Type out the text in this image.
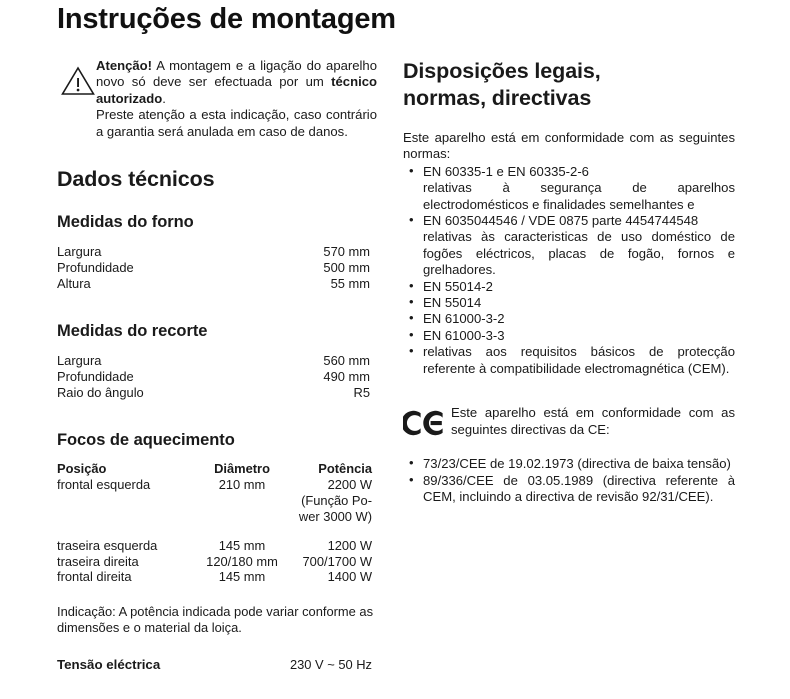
Instruções de montagem
Atenção! A montagem e a ligação do aparelho novo só deve ser efectuada por um técnico autorizado.
Preste atenção a esta indicação, caso contrário a garantia será anulada em caso de danos.
Dados técnicos
Medidas do forno
Largura	570 mm
Profundidade	500 mm
Altura	55 mm
Medidas do recorte
Largura	560 mm
Profundidade	490 mm
Raio do ângulo	R5
Focos de aquecimento
Posição	Diâmetro	Potência
frontal esquerda	210 mm	2200 W
		(Função Po-
		wer 3000 W)

traseira esquerda	145 mm	1200 W
traseira direita	120/180 mm	700/1700 W
frontal direita	145 mm	1400 W
Indicação: A potência indicada pode variar conforme as dimensões e o material da loiça.
Tensão eléctrica	230 V ~ 50 Hz
Disposições legais,
normas, directivas
Este aparelho está em conformidade com as seguintes normas:
• EN 60335-1 e EN 60335-2-6
relativas à segurança de aparelhos electrodomésticos e finalidades semelhantes e
• EN 6035044546 / VDE 0875 parte 4454744548
relativas às caracteristicas de uso doméstico de fogões eléctricos, placas de fogão, fornos e grelhadores.
• EN 55014-2
• EN 55014
• EN 61000-3-2
• EN 61000-3-3
• relativas aos requisitos básicos de protecção referente à compatibilidade electromagnética (CEM).
Este aparelho está em conformidade com as seguintes directivas da CE:
• 73/23/CEE de 19.02.1973 (directiva de baixa tensão)
• 89/336/CEE de 03.05.1989 (directiva referente à CEM, incluindo a directiva de revisão 92/31/CEE).
